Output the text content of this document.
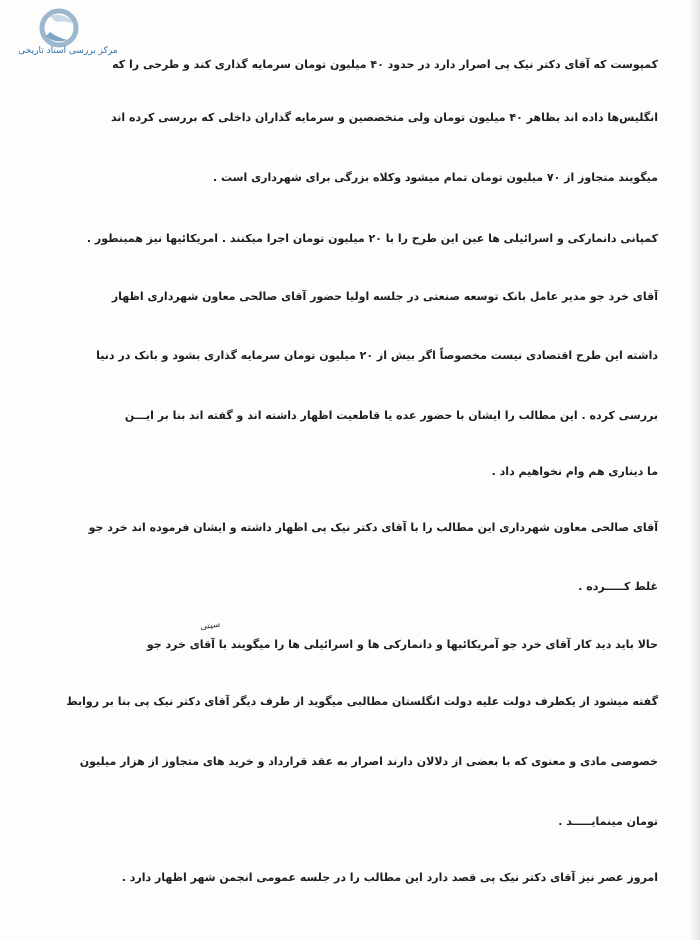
مرکز بررسی اسناد تاریخی
کمپوست که آقای دکتر نیک پی اصرار دارد در حدود ۴۰ میلیون تومان سرمایه گذاری کند و طرحی را که
انگلیس‌ها داده اند بظاهر ۴۰ میلیون تومان ولی متخصصین و سرمایه گذاران داخلی که بررسی کرده اند
میگویند متجاوز از ۷۰ میلیون تومان تمام میشود وکلاه بزرگی برای شهرداری است .
کمپانی دانمارکی و اسرائیلی ها عین این طرح را با ۲۰ میلیون تومان اجرا میکنند . امریکائیها نیز همینطور .
آقای خرد جو مدیر عامل بانک توسعه صنعتی در جلسه اولیا حضور آقای صالحی معاون شهرداری اظهار
داشته این طرح اقتصادی نیست مخصوصاً اگر بیش از ۲۰ میلیون تومان سرمایه گذاری بشود و بانک در دنیا
بررسی کرده . این مطالب را ایشان با حضور عده یا قاطعیت اظهار داشته اند و گفته اند بنا بر ایـــن
ما دیناری هم وام نخواهیم داد .
آقای صالحی معاون شهرداری این مطالب را با آقای دکتر نیک پی اظهار داشته و ایشان فرموده اند خرد جو
غلط کـــــرده .
سیتی
حالا باید دید کار آقای خرد جو آمریکائیها و دانمارکی ها و اسرائیلی ها را میگویند با آقای خرد جو
گفته میشود از یکطرف دولت علیه دولت انگلستان مطالبی میگوید از طرف دیگر آقای دکتر نیک پی بنا بر روابط
خصوصی مادی و معنوی که با بعضی از دلالان دارند اصرار به عقد قرارداد و خرید های متجاوز از هزار میلیون
تومان مینمایـــــد .
امروز عصر نیز آقای دکتر نیک پی قصد دارد این مطالب را در جلسه عمومی انجمن شهر اظهار دارد .
